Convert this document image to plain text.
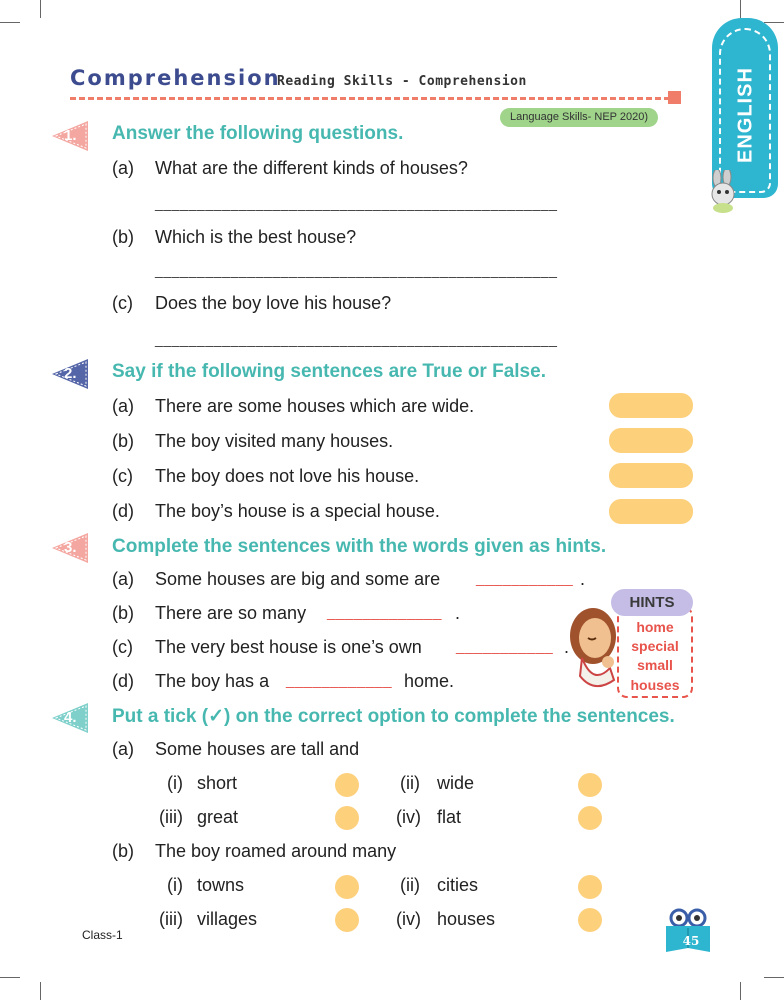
Comprehension
Reading Skills - Comprehension
Language Skills- NEP 2020)	ENGLISH
1. Answer the following questions.
(a) What are the different kinds of houses?
________________________________________________
(b) Which is the best house?
________________________________________________
(c) Does the boy love his house?
________________________________________________
2. Say if the following sentences are True or False.
(a) There are some houses which are wide.
(b) The boy visited many houses.
(c) The boy does not love his house.
(d) The boy’s house is a special house.
3. Complete the sentences with the words given as hints.
(a) Some houses are big and some are ___________ .
(b) There are so many _____________ .
(c) The very best house is one’s own ___________ .
(d) The boy has a ____________ home.
HINTS
home
special
small
houses
4. Put a tick (✓) on the correct option to complete the sentences.
(a) Some houses are tall and
(i) short	(ii) wide
(iii) great	(iv) flat
(b) The boy roamed around many
(i) towns	(ii) cities
(iii) villages	(iv) houses
Class-1	45
